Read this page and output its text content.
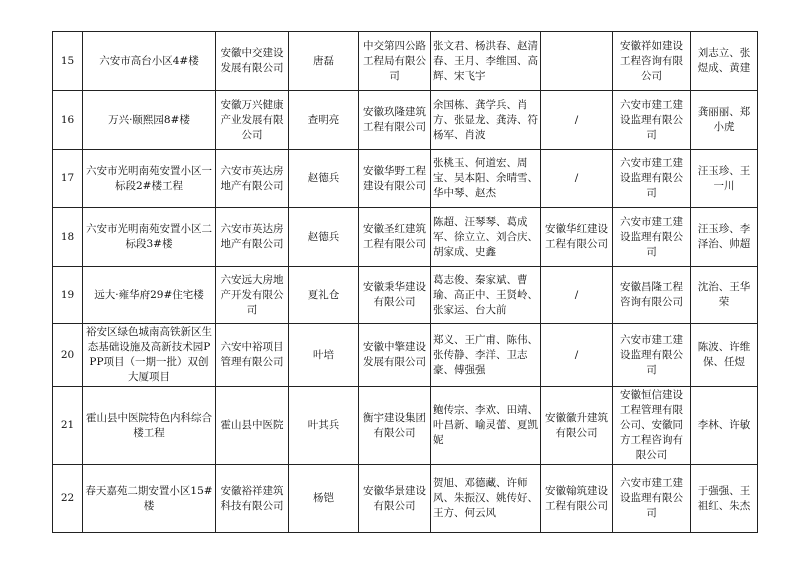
15	六安市高台小区4#楼	安徽中交建设发展有限公司	唐磊	中交第四公路工程局有限公司	张文君、杨洪春、赵清春、王月、李维国、高辉、宋飞宇		安徽祥如建设工程咨询有限公司	刘志立、张煜成、黄建
16	万兴·颐熙园8#楼	安徽万兴健康产业发展有限公司	查明亮	安徽玖隆建筑工程有限公司	余国栋、龚学兵、肖方、张显龙、龚涛、符杨军、肖波	/	六安市建工建设监理有限公司	龚丽丽、郑小虎
17	六安市光明南苑安置小区一标段2#楼工程	六安市英达房地产有限公司	赵德兵	安徽华野工程建设有限公司	张桃玉、何道宏、周宝、吴本阳、余晴雪、华中琴、赵杰	/	六安市建工建设监理有限公司	汪玉珍、王一川
18	六安市光明南苑安置小区二标段3#楼	六安市英达房地产有限公司	赵德兵	安徽圣红建筑工程有限公司	陈超、汪琴琴、葛成军、徐立立、刘合庆、胡家成、史鑫	安徽华红建设工程有限公司	六安市建工建设监理有限公司	汪玉珍、李泽治、帅超
19	远大·雍华府29#住宅楼	六安远大房地产开发有限公司	夏礼仓	安徽秉华建设有限公司	葛志俊、秦家斌、曹瑜、高正中、王贤岭、张家运、台大前	/	安徽昌隆工程咨询有限公司	沈治、王华荣
20	裕安区绿色城南高铁新区生态基础设施及高新技术园PPP项目（一期一批）双创大厦项目	六安中裕项目管理有限公司	叶培	安徽中擎建设发展有限公司	郑义、王广甫、陈伟、张传静、李洋、卫志豪、傅强强	/	六安市建工建设监理有限公司	陈波、许维保、任煜
21	霍山县中医院特色内科综合楼工程	霍山县中医院	叶其兵	衡宇建设集团有限公司	鲍传宗、李欢、田靖、叶昌新、喻灵蕾、夏凯妮	安徽徽升建筑有限公司	安徽恒信建设工程管理有限公司、安徽同方工程咨询有限公司	李林、许敏
22	春天嘉苑二期安置小区15#楼	安徽裕祥建筑科技有限公司	杨铠	安徽华景建设有限公司	贺旭、邓德藏、许师风、朱振汉、姚传好、王方、何云风	安徽翰筑建设工程有限公司	六安市建工建设监理有限公司	于强强、王祖红、朱杰
